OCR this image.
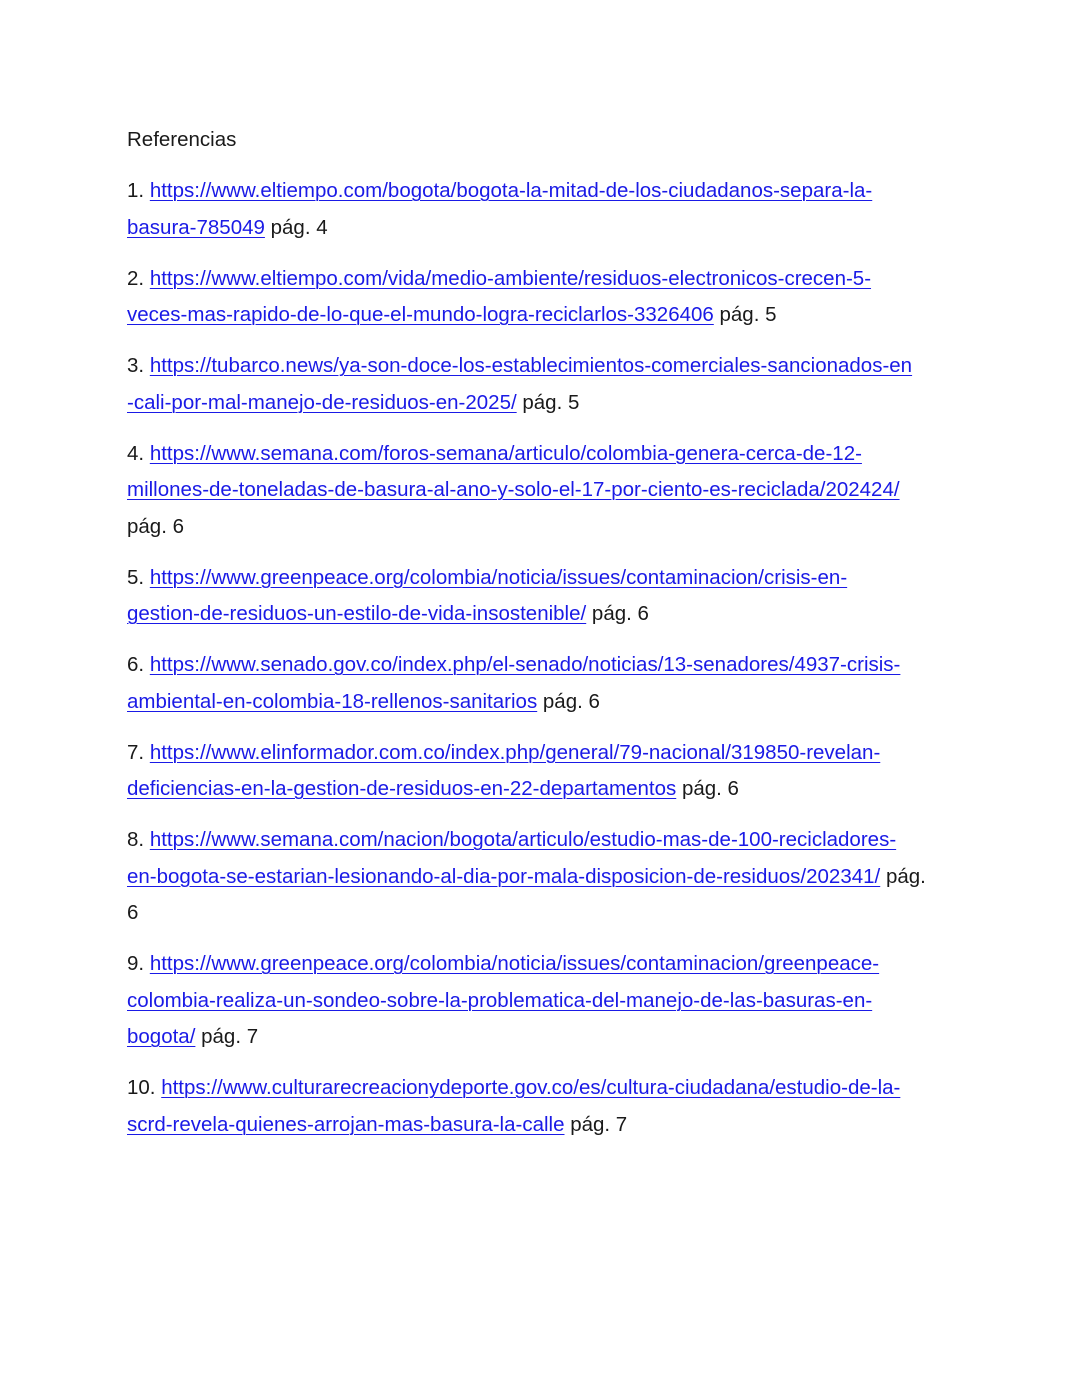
Referencias
1. https://www.eltiempo.com/bogota/bogota-la-mitad-de-los-ciudadanos-separa-la-
basura-785049 pág. 4
2. https://www.eltiempo.com/vida/medio-ambiente/residuos-electronicos-crecen-5-
veces-mas-rapido-de-lo-que-el-mundo-logra-reciclarlos-3326406 pág. 5
3. https://tubarco.news/ya-son-doce-los-establecimientos-comerciales-sancionados-en
-cali-por-mal-manejo-de-residuos-en-2025/ pág. 5
4. https://www.semana.com/foros-semana/articulo/colombia-genera-cerca-de-12-
millones-de-toneladas-de-basura-al-ano-y-solo-el-17-por-ciento-es-reciclada/202424/
pág. 6
5. https://www.greenpeace.org/colombia/noticia/issues/contaminacion/crisis-en-
gestion-de-residuos-un-estilo-de-vida-insostenible/ pág. 6
6. https://www.senado.gov.co/index.php/el-senado/noticias/13-senadores/4937-crisis-
ambiental-en-colombia-18-rellenos-sanitarios pág. 6
7. https://www.elinformador.com.co/index.php/general/79-nacional/319850-revelan-
deficiencias-en-la-gestion-de-residuos-en-22-departamentos pág. 6
8. https://www.semana.com/nacion/bogota/articulo/estudio-mas-de-100-recicladores-
en-bogota-se-estarian-lesionando-al-dia-por-mala-disposicion-de-residuos/202341/ pág.
6
9. https://www.greenpeace.org/colombia/noticia/issues/contaminacion/greenpeace-
colombia-realiza-un-sondeo-sobre-la-problematica-del-manejo-de-las-basuras-en-
bogota/ pág. 7
10. https://www.culturarecreacionydeporte.gov.co/es/cultura-ciudadana/estudio-de-la-
scrd-revela-quienes-arrojan-mas-basura-la-calle pág. 7
